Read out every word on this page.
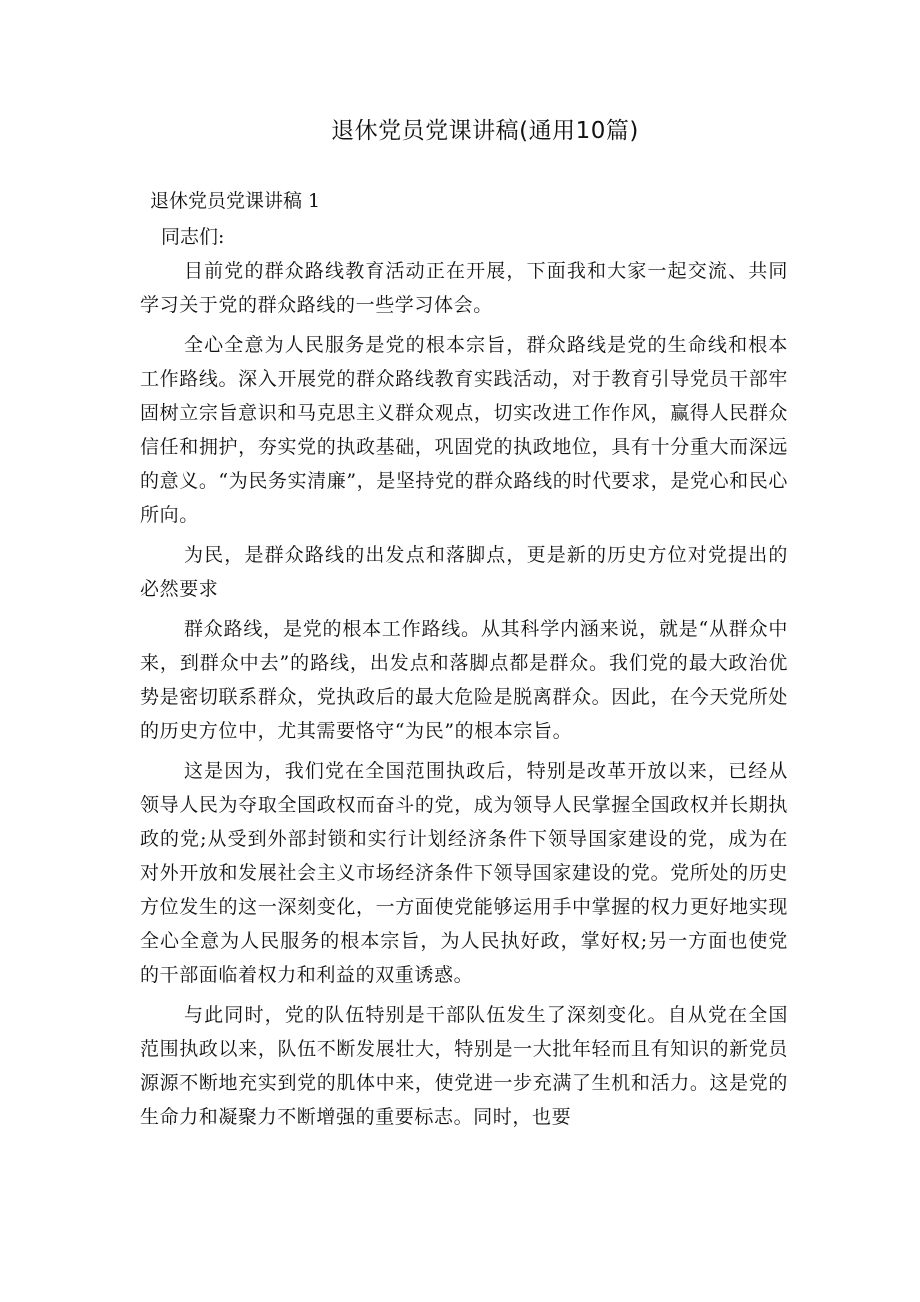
退休党员党课讲稿(通用10篇)

退休党员党课讲稿 1

同志们:

目前党的群众路线教育活动正在开展，下面我和大家一起交流、共同学习关于党的群众路线的一些学习体会。

全心全意为人民服务是党的根本宗旨，群众路线是党的生命线和根本工作路线。深入开展党的群众路线教育实践活动，对于教育引导党员干部牢固树立宗旨意识和马克思主义群众观点，切实改进工作作风，赢得人民群众信任和拥护，夯实党的执政基础，巩固党的执政地位，具有十分重大而深远的意义。“为民务实清廉”，是坚持党的群众路线的时代要求，是党心和民心所向。

为民，是群众路线的出发点和落脚点，更是新的历史方位对党提出的必然要求

群众路线，是党的根本工作路线。从其科学内涵来说，就是“从群众中来，到群众中去”的路线，出发点和落脚点都是群众。我们党的最大政治优势是密切联系群众，党执政后的最大危险是脱离群众。因此，在今天党所处的历史方位中，尤其需要恪守“为民”的根本宗旨。

这是因为，我们党在全国范围执政后，特别是改革开放以来，已经从领导人民为夺取全国政权而奋斗的党，成为领导人民掌握全国政权并长期执政的党;从受到外部封锁和实行计划经济条件下领导国家建设的党，成为在对外开放和发展社会主义市场经济条件下领导国家建设的党。党所处的历史方位发生的这一深刻变化，一方面使党能够运用手中掌握的权力更好地实现全心全意为人民服务的根本宗旨，为人民执好政，掌好权;另一方面也使党的干部面临着权力和利益的双重诱惑。

与此同时，党的队伍特别是干部队伍发生了深刻变化。自从党在全国范围执政以来，队伍不断发展壮大，特别是一大批年轻而且有知识的新党员源源不断地充实到党的肌体中来，使党进一步充满了生机和活力。这是党的生命力和凝聚力不断增强的重要标志。同时，也要
